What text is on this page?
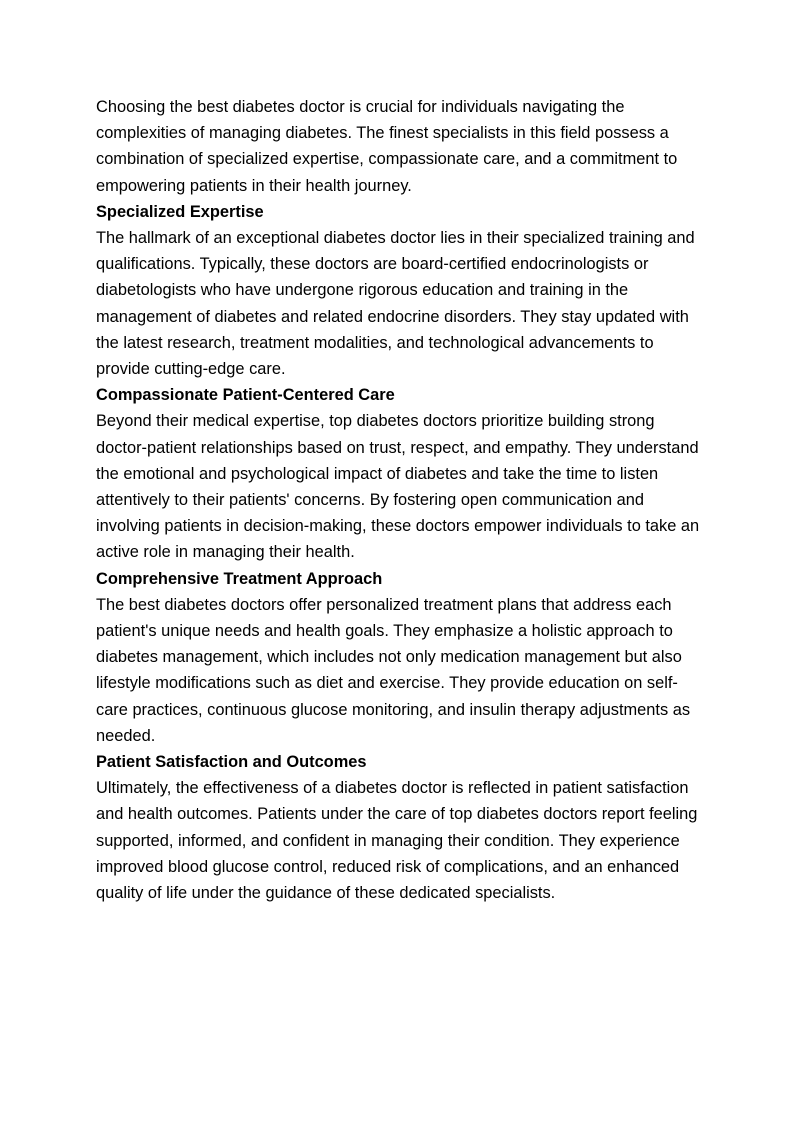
Choosing the best diabetes doctor is crucial for individuals navigating the complexities of managing diabetes. The finest specialists in this field possess a combination of specialized expertise, compassionate care, and a commitment to empowering patients in their health journey.

Specialized Expertise

The hallmark of an exceptional diabetes doctor lies in their specialized training and qualifications. Typically, these doctors are board-certified endocrinologists or diabetologists who have undergone rigorous education and training in the management of diabetes and related endocrine disorders. They stay updated with the latest research, treatment modalities, and technological advancements to provide cutting-edge care.

Compassionate Patient-Centered Care

Beyond their medical expertise, top diabetes doctors prioritize building strong doctor-patient relationships based on trust, respect, and empathy. They understand the emotional and psychological impact of diabetes and take the time to listen attentively to their patients' concerns. By fostering open communication and involving patients in decision-making, these doctors empower individuals to take an active role in managing their health.

Comprehensive Treatment Approach

The best diabetes doctors offer personalized treatment plans that address each patient's unique needs and health goals. They emphasize a holistic approach to diabetes management, which includes not only medication management but also lifestyle modifications such as diet and exercise. They provide education on self-care practices, continuous glucose monitoring, and insulin therapy adjustments as needed.

Patient Satisfaction and Outcomes

Ultimately, the effectiveness of a diabetes doctor is reflected in patient satisfaction and health outcomes. Patients under the care of top diabetes doctors report feeling supported, informed, and confident in managing their condition. They experience improved blood glucose control, reduced risk of complications, and an enhanced quality of life under the guidance of these dedicated specialists.
